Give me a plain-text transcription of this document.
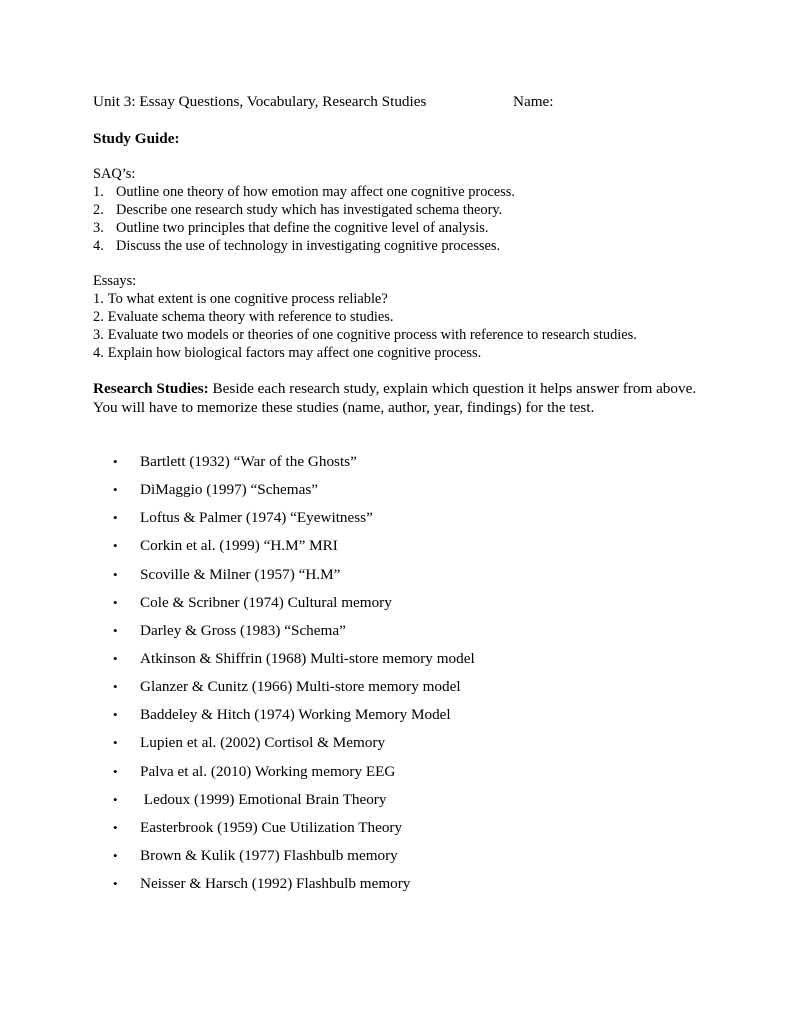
Unit 3: Essay Questions, Vocabulary, Research Studies	Name:
Study Guide:

SAQ’s:

1. Outline one theory of how emotion may affect one cognitive process.
2. Describe one research study which has investigated schema theory.
3. Outline two principles that define the cognitive level of analysis.
4. Discuss the use of technology in investigating cognitive processes.

Essays:

1. To what extent is one cognitive process reliable?
2. Evaluate schema theory with reference to studies.
3. Evaluate two models or theories of one cognitive process with reference to research studies.
4. Explain how biological factors may affect one cognitive process.
Research Studies: Beside each research study, explain which question it helps answer from above. You will have to memorize these studies (name, author, year, findings) for the test.
• Bartlett (1932) “War of the Ghosts”
• DiMaggio (1997) “Schemas”
• Loftus & Palmer (1974) “Eyewitness”
• Corkin et al. (1999) “H.M” MRI
• Scoville & Milner (1957) “H.M”
• Cole & Scribner (1974) Cultural memory
• Darley & Gross (1983) “Schema”
• Atkinson & Shiffrin (1968) Multi-store memory model
• Glanzer & Cunitz (1966) Multi-store memory model
• Baddeley & Hitch (1974) Working Memory Model
• Lupien et al. (2002) Cortisol & Memory
• Palva et al. (2010) Working memory EEG
• Ledoux (1999) Emotional Brain Theory
• Easterbrook (1959) Cue Utilization Theory
• Brown & Kulik (1977) Flashbulb memory
• Neisser & Harsch (1992) Flashbulb memory
